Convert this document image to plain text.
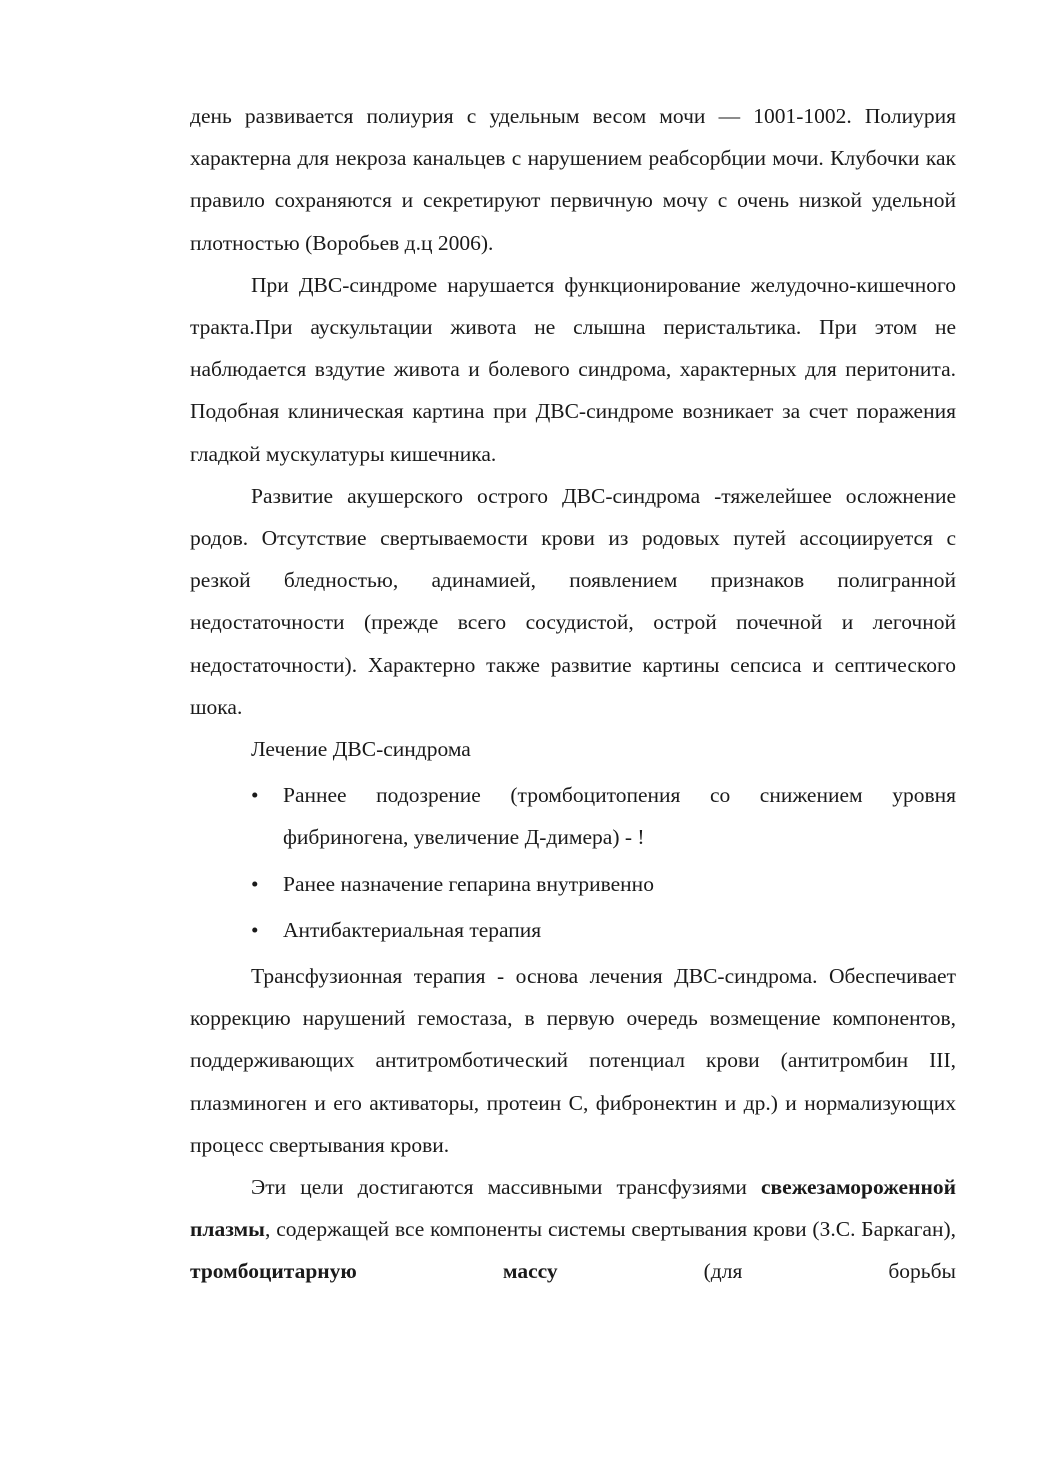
день развивается полиурия с удельным весом мочи — 1001-1002. Полиурия характерна для некроза канальцев с нарушением реабсорбции мочи. Клубочки как правило сохраняются и секретируют первичную мочу с очень низкой удельной плотностью (Воробьев д.ц 2006).

При ДВС-синдроме нарушается функционирование желудочно-кишечного тракта.При аускультации живота не слышна перистальтика. При этом не наблюдается вздутие живота и болевого синдрома, характерных для перитонита. Подобная клиническая картина при ДВС-синдроме возникает за счет поражения гладкой мускулатуры кишечника.

Развитие акушерского острого ДВС-синдрома -тяжелейшее осложнение родов. Отсутствие свертываемости крови из родовых путей ассоциируется с резкой бледностью, адинамией, появлением признаков полигранной недостаточности (прежде всего сосудистой, острой почечной и легочной недостаточности). Характерно также развитие картины сепсиса и септического шока.

Лечение ДВС-синдрома

• Раннее подозрение (тромбоцитопения со снижением уровня фибриногена, увеличение Д-димера) - !
• Ранее назначение гепарина внутривенно
• Антибактериальная терапия

Трансфузионная терапия - основа лечения ДВС-синдрома. Обеспечивает коррекцию нарушений гемостаза, в первую очередь возмещение компонентов, поддерживающих антитромботический потенциал крови (антитромбин III, плазминоген и его активаторы, протеин С, фибронектин и др.) и нормализующих процесс свертывания крови.

Эти цели достигаются массивными трансфузиями свежезамороженной плазмы, содержащей все компоненты системы свертывания крови (З.С. Баркаган), тромбоцитарную массу (для борьбы
